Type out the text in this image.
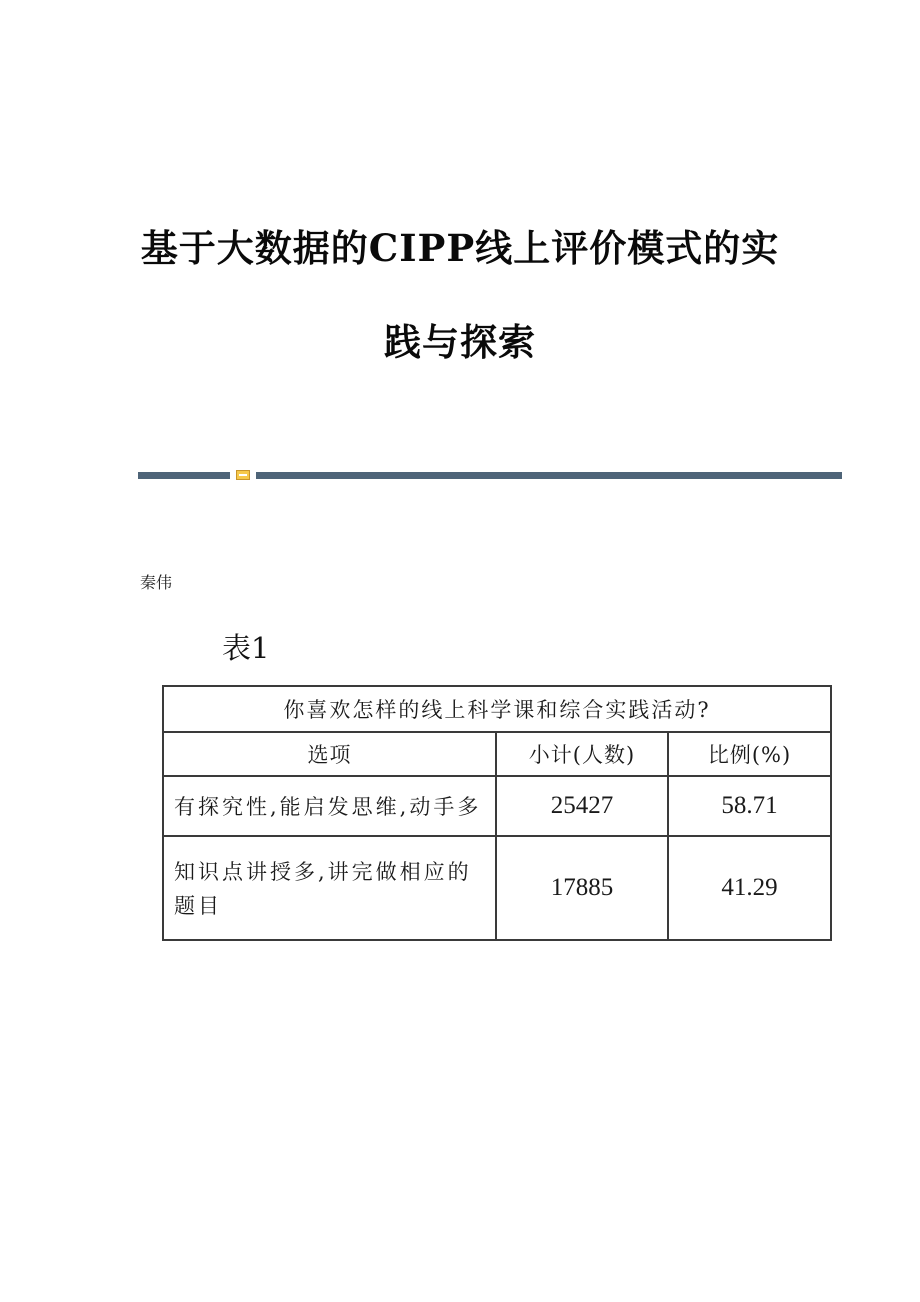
基于大数据的CIPP线上评价模式的实
践与探索
秦伟
表1
你喜欢怎样的线上科学课和综合实践活动?		
选项	小计(人数)	比例(%)
有探究性,能启发思维,动手多	25427	58.71
知识点讲授多,讲完做相应的题目	17885	41.29
